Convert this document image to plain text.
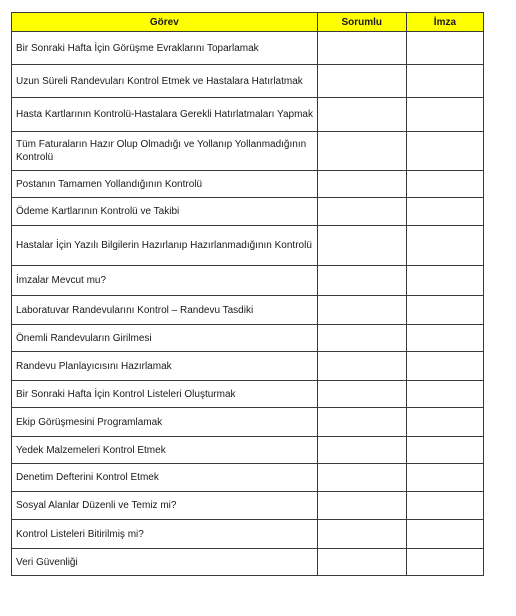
Görev	Sorumlu	İmza
Bir Sonraki Hafta İçin Görüşme Evraklarını Toparlamak		
Uzun Süreli Randevuları Kontrol Etmek ve Hastalara Hatırlatmak		
Hasta Kartlarının Kontrolü-Hastalara Gerekli Hatırlatmaları Yapmak		
Tüm Faturaların Hazır Olup Olmadığı ve Yollanıp Yollanmadığının Kontrolü		
Postanın Tamamen Yollandığının Kontrolü		
Ödeme Kartlarının Kontrolü ve Takibi		
Hastalar İçin Yazılı Bilgilerin Hazırlanıp Hazırlanmadığının Kontrolü		
İmzalar Mevcut mu?		
Laboratuvar Randevularını Kontrol – Randevu Tasdiki		
Önemli Randevuların Girilmesi		
Randevu Planlayıcısını Hazırlamak		
Bir Sonraki Hafta İçin Kontrol Listeleri Oluşturmak		
Ekip Görüşmesini Programlamak		
Yedek Malzemeleri Kontrol Etmek		
Denetim Defterini Kontrol Etmek		
Sosyal Alanlar Düzenli ve Temiz mi?		
Kontrol Listeleri Bitirilmiş mi?		
Veri Güvenliği		
